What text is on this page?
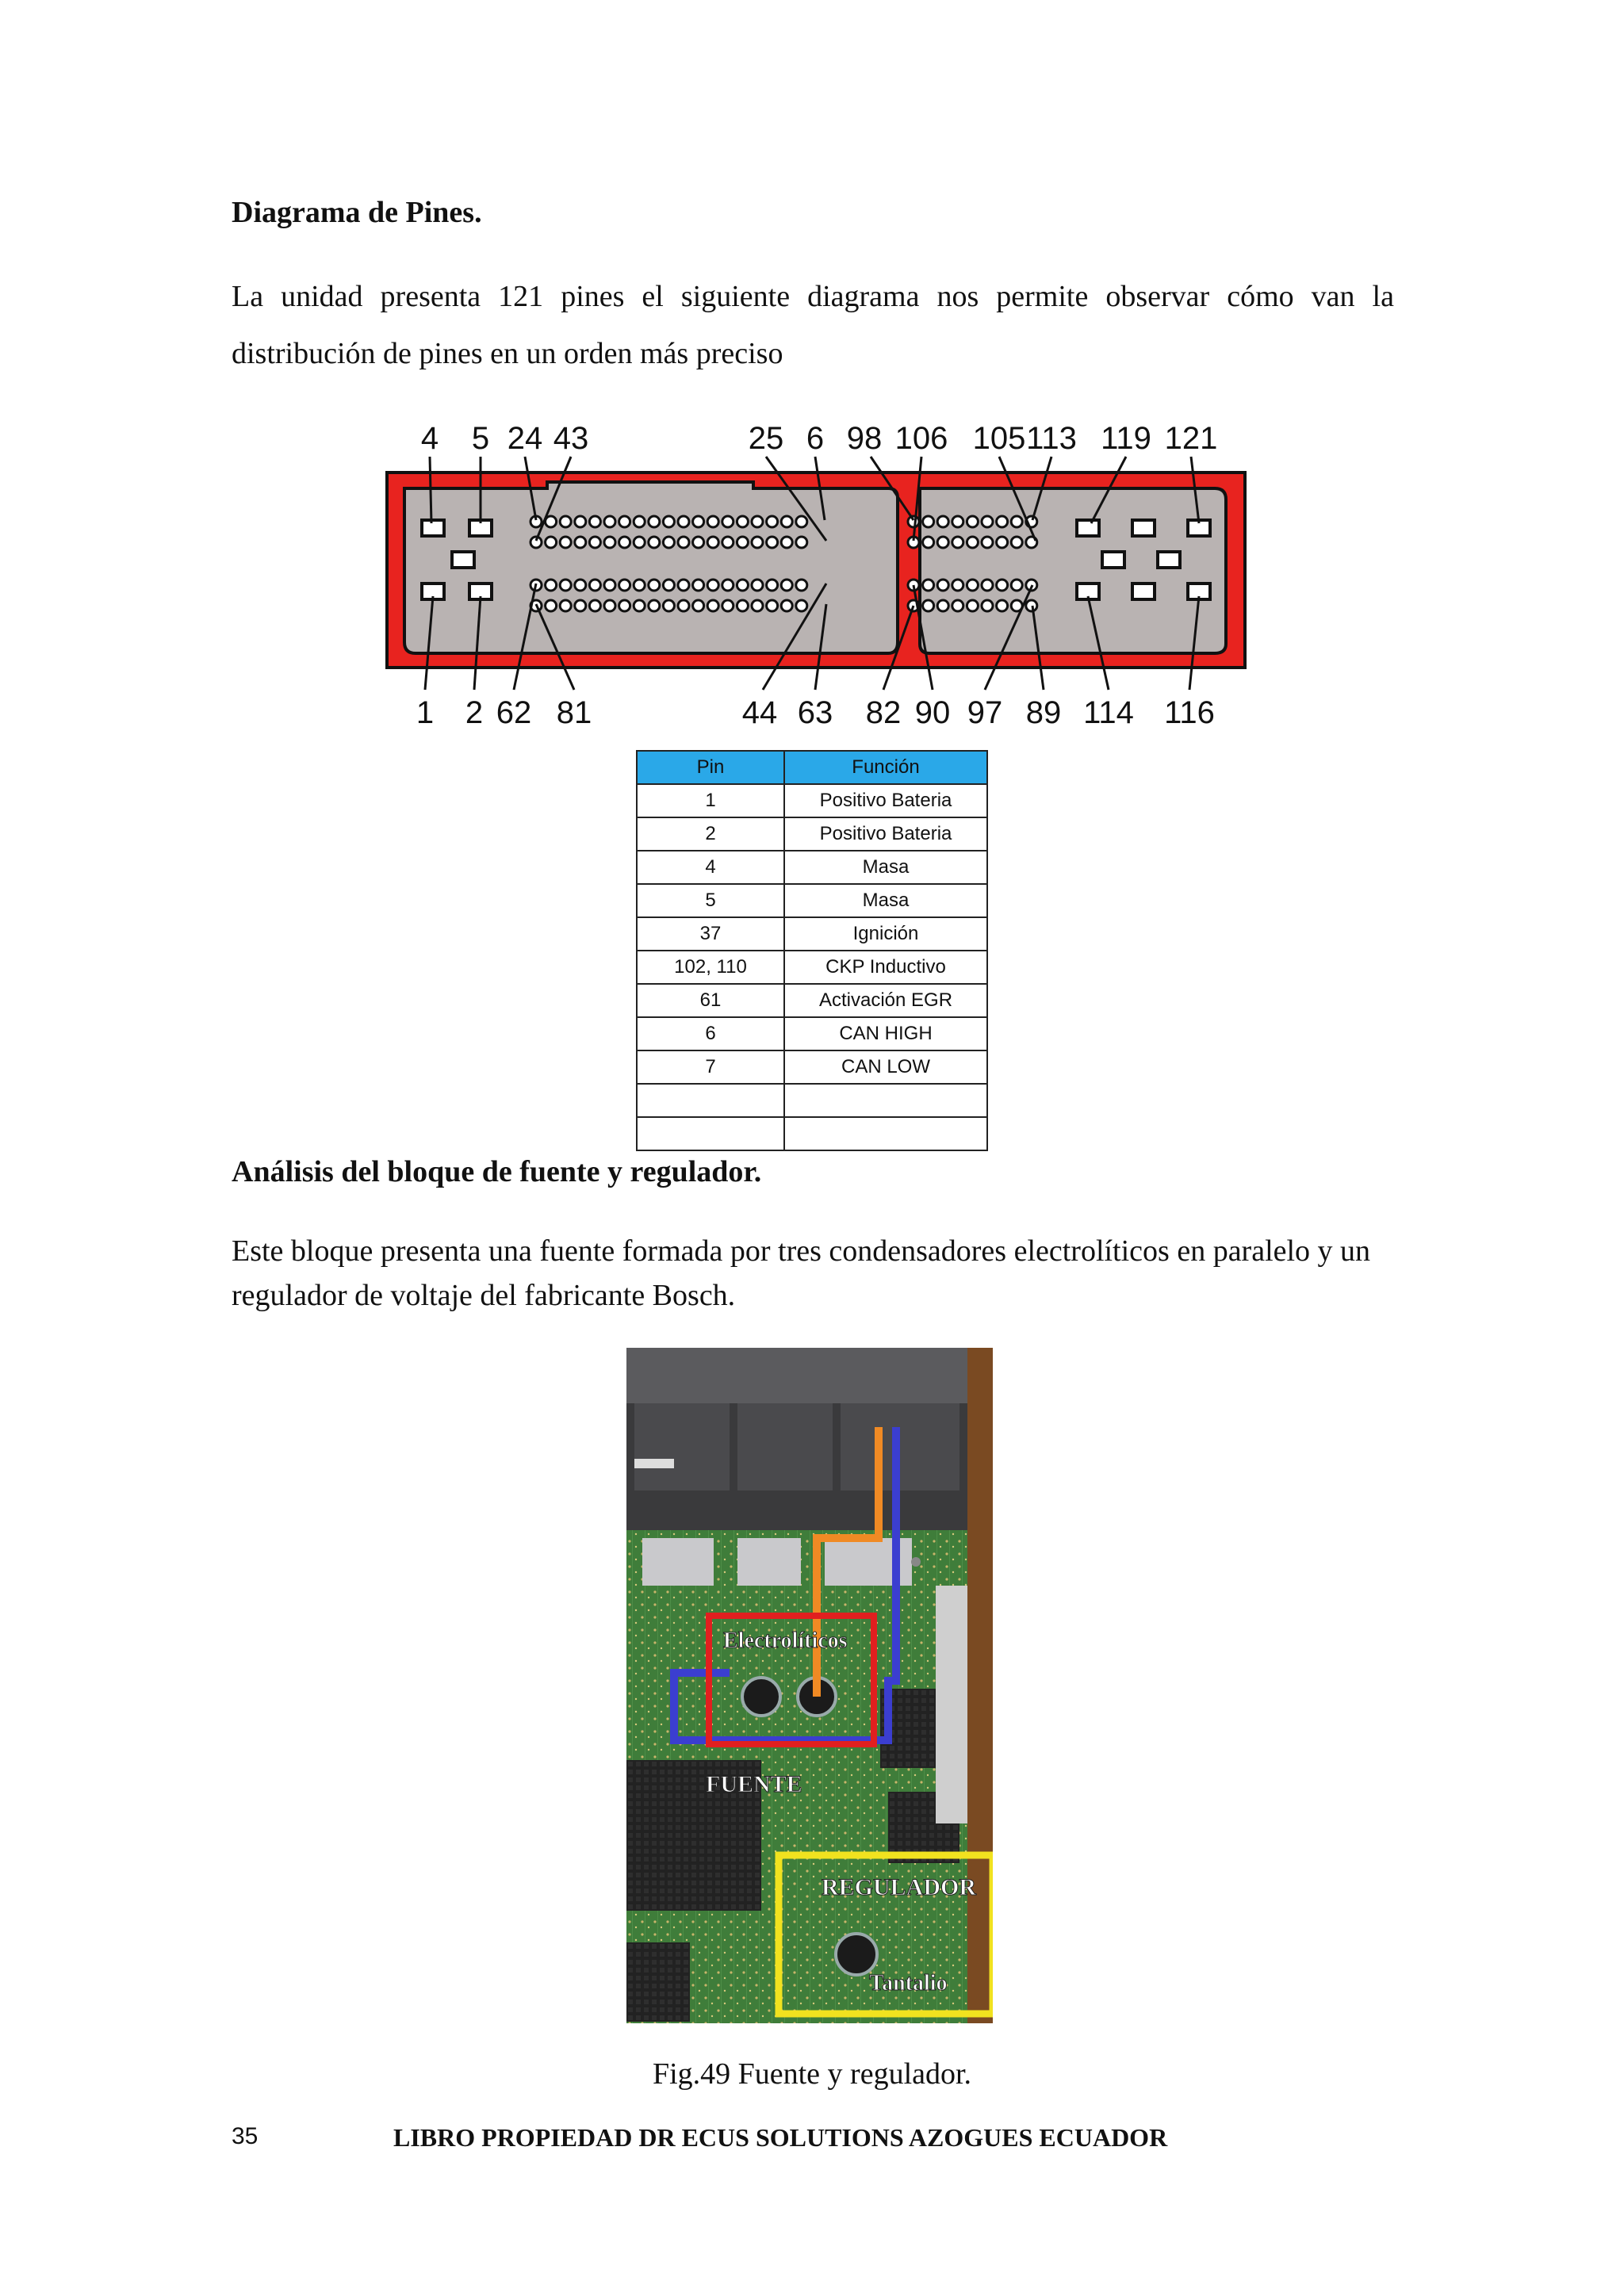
Diagrama de Pines.
La unidad presenta 121 pines el siguiente diagrama nos permite observar cómo van la distribución de pines en un orden más preciso
4 5 24 43	25 6 98 106 105 113 119 121
1 2 62 81	44 63 82 90 97 89 114 116
Pin	Función
1	Positivo Bateria
2	Positivo Bateria
4	Masa
5	Masa
37	Ignición
102, 110	CKP Inductivo
61	Activación EGR
6	CAN HIGH
7	CAN LOW

Análisis del bloque de fuente y regulador.
Este bloque presenta una fuente formada por tres condensadores electrolíticos en paralelo y un regulador de voltaje del fabricante Bosch.
Electrolíticos
FUENTE
REGULADOR
Tantalio
Fig.49 Fuente y regulador.
35	LIBRO PROPIEDAD DR ECUS SOLUTIONS AZOGUES ECUADOR
